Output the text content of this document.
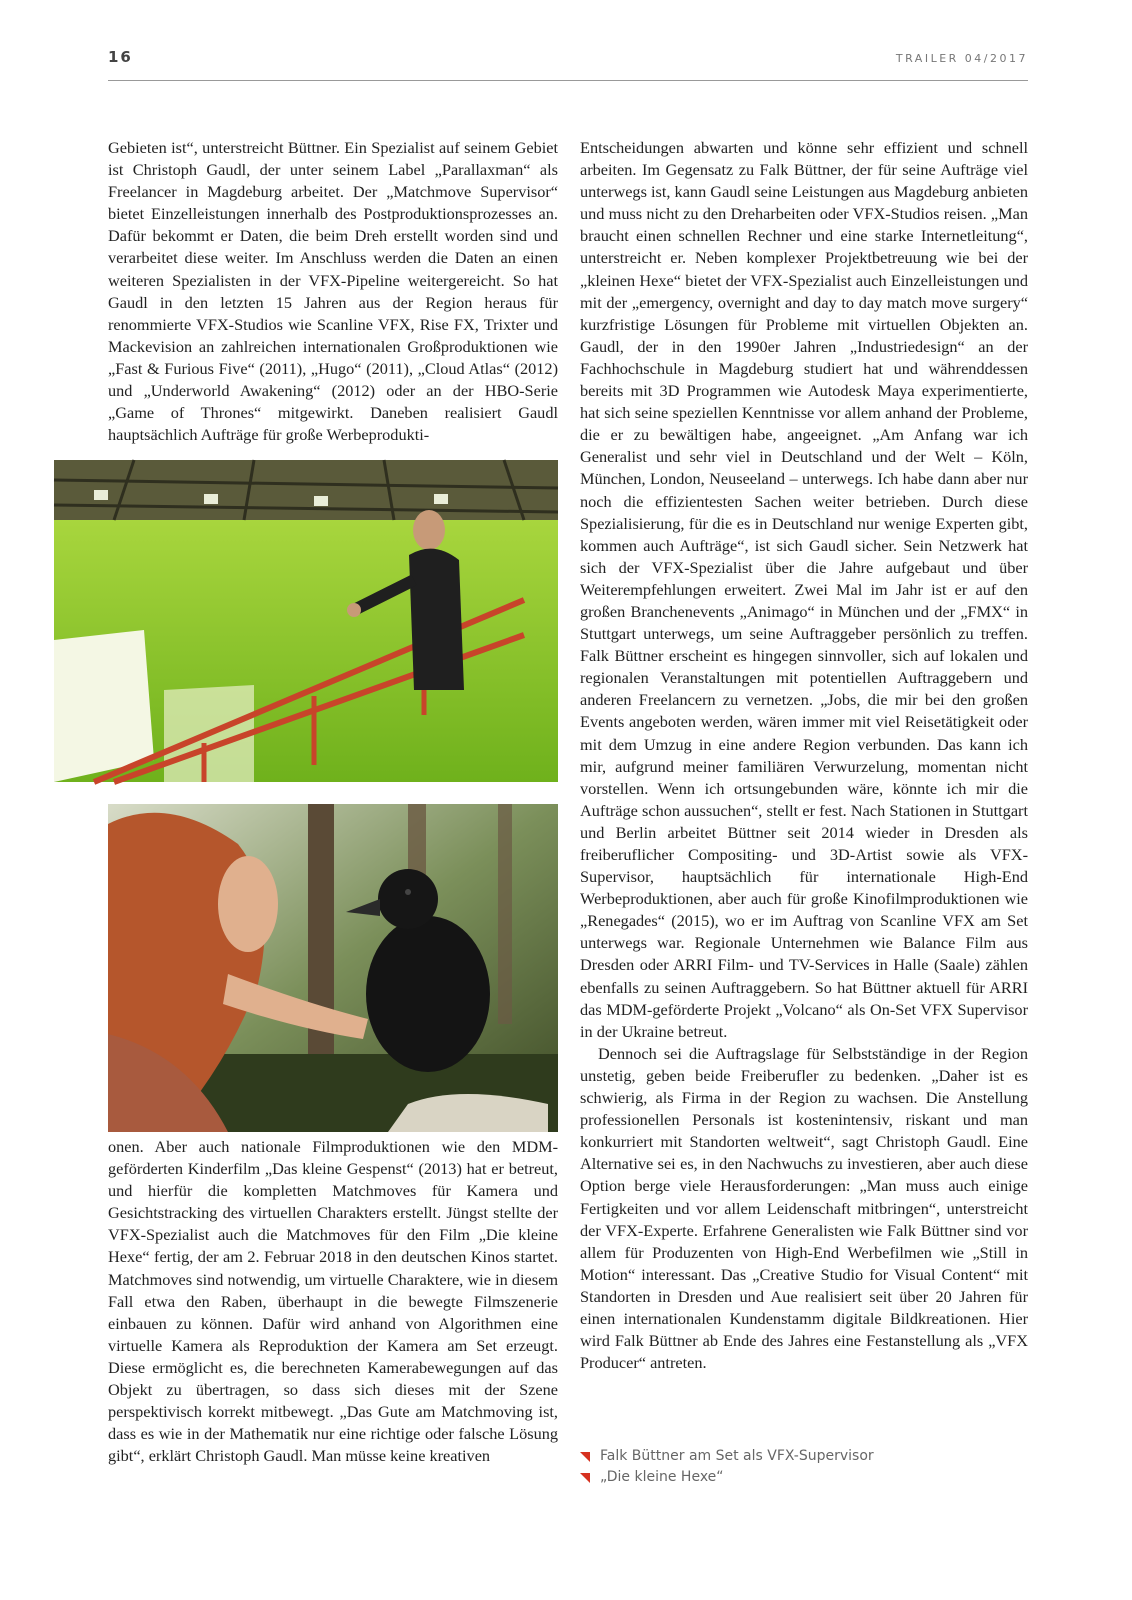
16	TRAILER 04/2017

Gebieten ist“, unterstreicht Büttner. Ein Spezialist auf seinem Gebiet ist Christoph Gaudl, der unter seinem Label „Parallaxman“ als Freelancer in Magdeburg arbeitet. Der „Matchmove Supervisor“ bietet Einzelleistungen innerhalb des Postproduktionsprozesses an. Dafür bekommt er Daten, die beim Dreh erstellt worden sind und verarbeitet diese weiter. Im Anschluss werden die Daten an einen weiteren Spezialisten in der VFX-Pipeline weitergereicht. So hat Gaudl in den letzten 15 Jahren aus der Region heraus für renommierte VFX-Studios wie Scanline VFX, Rise FX, Trixter und Mackevision an zahlreichen internationalen Großproduktionen wie „Fast & Furious Five“ (2011), „Hugo“ (2011), „Cloud Atlas“ (2012) und „Underworld Awakening“ (2012) oder an der HBO-Serie „Game of Thrones“ mitgewirkt. Daneben realisiert Gaudl hauptsächlich Aufträge für große Werbeprodukti-

onen. Aber auch nationale Filmproduktionen wie den MDM-geförderten Kinderfilm „Das kleine Gespenst“ (2013) hat er betreut, und hierfür die kompletten Matchmoves für Kamera und Gesichtstracking des virtuellen Charakters erstellt. Jüngst stellte der VFX-Spezialist auch die Matchmoves für den Film „Die kleine Hexe“ fertig, der am 2. Februar 2018 in den deutschen Kinos startet. Matchmoves sind notwendig, um virtuelle Charaktere, wie in diesem Fall etwa den Raben, überhaupt in die bewegte Filmszenerie einbauen zu können. Dafür wird anhand von Algorithmen eine virtuelle Kamera als Reproduktion der Kamera am Set erzeugt. Diese ermöglicht es, die berechneten Kamerabewegungen auf das Objekt zu übertragen, so dass sich dieses mit der Szene perspektivisch korrekt mitbewegt. „Das Gute am Matchmoving ist, dass es wie in der Mathematik nur eine richtige oder falsche Lösung gibt“, erklärt Christoph Gaudl. Man müsse keine kreativen

Entscheidungen abwarten und könne sehr effizient und schnell arbeiten. Im Gegensatz zu Falk Büttner, der für seine Aufträge viel unterwegs ist, kann Gaudl seine Leistungen aus Magdeburg anbieten und muss nicht zu den Dreharbeiten oder VFX-Studios reisen. „Man braucht einen schnellen Rechner und eine starke Internetleitung“, unterstreicht er. Neben komplexer Projektbetreuung wie bei der „kleinen Hexe“ bietet der VFX-Spezialist auch Einzelleistungen und mit der „emergency, overnight and day to day match move surgery“ kurzfristige Lösungen für Probleme mit virtuellen Objekten an. Gaudl, der in den 1990er Jahren „Industriedesign“ an der Fachhochschule in Magdeburg studiert hat und währenddessen bereits mit 3D Programmen wie Autodesk Maya experimentierte, hat sich seine speziellen Kenntnisse vor allem anhand der Probleme, die er zu bewältigen habe, angeeignet. „Am Anfang war ich Generalist und sehr viel in Deutschland und der Welt – Köln, München, London, Neuseeland – unterwegs. Ich habe dann aber nur noch die effizientesten Sachen weiter betrieben. Durch diese Spezialisierung, für die es in Deutschland nur wenige Experten gibt, kommen auch Aufträge“, ist sich Gaudl sicher. Sein Netzwerk hat sich der VFX-Spezialist über die Jahre aufgebaut und über Weiterempfehlungen erweitert. Zwei Mal im Jahr ist er auf den großen Branchenevents „Animago“ in München und der „FMX“ in Stuttgart unterwegs, um seine Auftraggeber persönlich zu treffen. Falk Büttner erscheint es hingegen sinnvoller, sich auf lokalen und regionalen Veranstaltungen mit potentiellen Auftraggebern und anderen Freelancern zu vernetzen. „Jobs, die mir bei den großen Events angeboten werden, wären immer mit viel Reisetätigkeit oder mit dem Umzug in eine andere Region verbunden. Das kann ich mir, aufgrund meiner familiären Verwurzelung, momentan nicht vorstellen. Wenn ich ortsungebunden wäre, könnte ich mir die Aufträge schon aussuchen“, stellt er fest. Nach Stationen in Stuttgart und Berlin arbeitet Büttner seit 2014 wieder in Dresden als freiberuflicher Compositing- und 3D-Artist sowie als VFX-Supervisor, hauptsächlich für internationale High-End Werbeproduktionen, aber auch für große Kinofilmproduktionen wie „Renegades“ (2015), wo er im Auftrag von Scanline VFX am Set unterwegs war. Regionale Unternehmen wie Balance Film aus Dresden oder ARRI Film- und TV-Services in Halle (Saale) zählen ebenfalls zu seinen Auftraggebern. So hat Büttner aktuell für ARRI das MDM-geförderte Projekt „Volcano“ als On-Set VFX Supervisor in der Ukraine betreut.

Dennoch sei die Auftragslage für Selbstständige in der Region unstetig, geben beide Freiberufler zu bedenken. „Daher ist es schwierig, als Firma in der Region zu wachsen. Die Anstellung professionellen Personals ist kostenintensiv, riskant und man konkurriert mit Standorten weltweit“, sagt Christoph Gaudl. Eine Alternative sei es, in den Nachwuchs zu investieren, aber auch diese Option berge viele Herausforderungen: „Man muss auch einige Fertigkeiten und vor allem Leidenschaft mitbringen“, unterstreicht der VFX-Experte. Erfahrene Generalisten wie Falk Büttner sind vor allem für Produzenten von High-End Werbefilmen wie „Still in Motion“ interessant. Das „Creative Studio for Visual Content“ mit Standorten in Dresden und Aue realisiert seit über 20 Jahren für einen internationalen Kundenstamm digitale Bildkreationen. Hier wird Falk Büttner ab Ende des Jahres eine Festanstellung als „VFX Producer“ antreten.

Falk Büttner am Set als VFX-Supervisor
„Die kleine Hexe“
